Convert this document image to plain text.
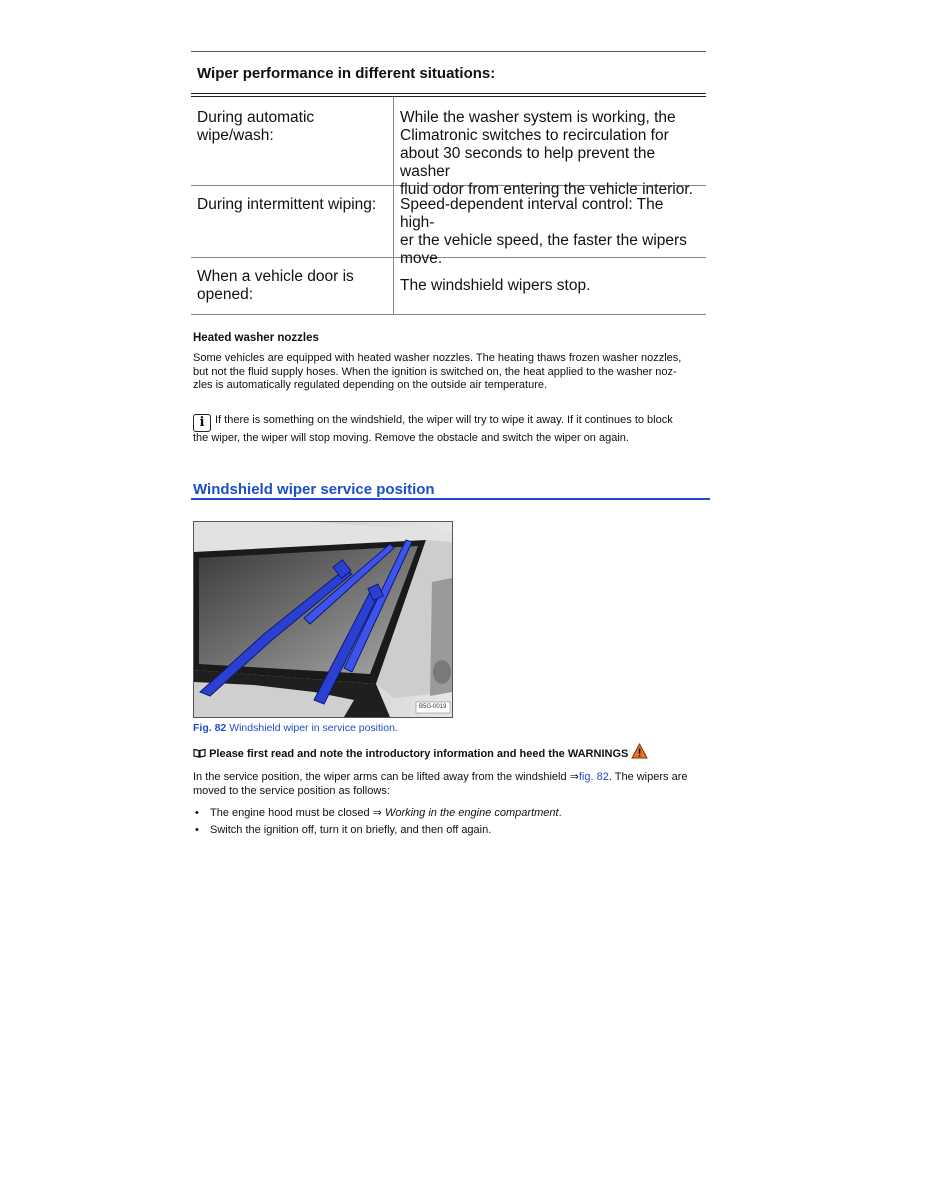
Wiper performance in different situations:
During automatic
wipe/wash:
While the washer system is working, the
Climatronic switches to recirculation for
about 30 seconds to help prevent the washer
fluid odor from entering the vehicle interior.
During intermittent wiping:	Speed-dependent interval control: The high-
er the vehicle speed, the faster the wipers
move.
When a vehicle door is
opened:
The windshield wipers stop.
Heated washer nozzles
Some vehicles are equipped with heated washer nozzles. The heating thaws frozen washer nozzles,
but not the fluid supply hoses. When the ignition is switched on, the heat applied to the washer noz-
zles is automatically regulated depending on the outside air temperature.
i If there is something on the windshield, the wiper will try to wipe it away. If it continues to block
the wiper, the wiper will stop moving. Remove the obstacle and switch the wiper on again.
Windshield wiper service position
B5G-0019
Fig. 82 Windshield wiper in service position.
Please first read and note the introductory information and heed the WARNINGS
In the service position, the wiper arms can be lifted away from the windshield ⇒fig. 82. The wipers are
moved to the service position as follows:
• The engine hood must be closed ⇒ Working in the engine compartment.
• Switch the ignition off, turn it on briefly, and then off again.
